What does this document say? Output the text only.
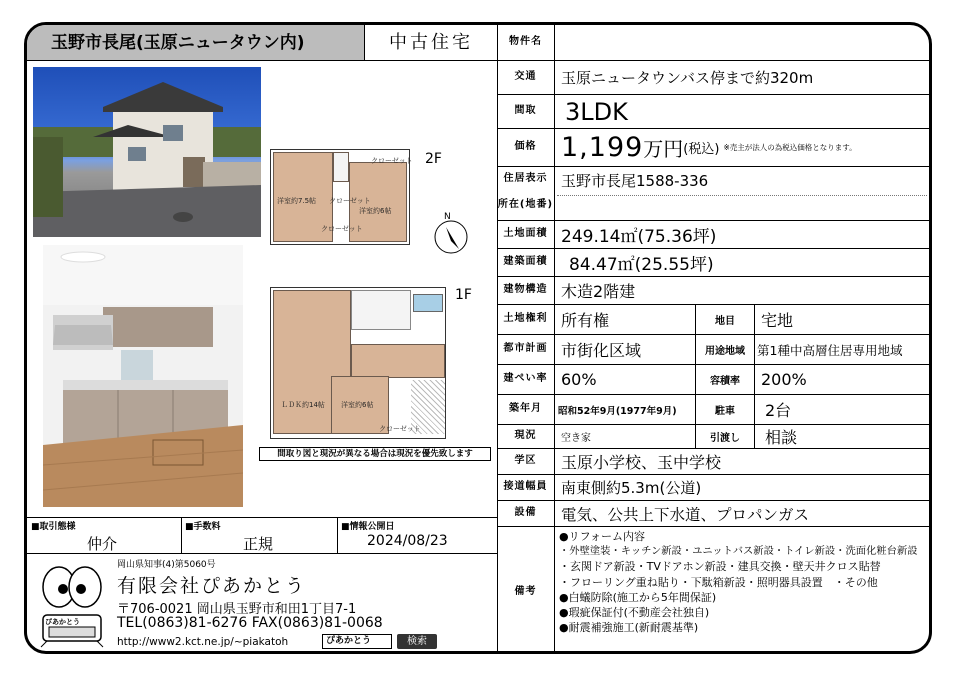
玉野市長尾(玉原ニュータウン内)	中古住宅
クローゼット
洋室約7.5帖 クローゼット
洋室約6帖
クローゼット
2F
N
ＬＤＫ約14帖 洋室約6帖
クローゼット
1F
間取り図と現況が異なる場合は現況を優先致します
物件名
交通	玉原ニュータウンバス停まで約320m
間取	3LDK
価格 1,199 万円 (税込) ※売主が法人の為税込価格となります。
住居表示
所在(地番)
玉野市長尾1588-336
土地面積 249.14㎡(75.36坪)
建築面積	84.47㎡(25.55坪)
建物構造 木造2階建
土地権利 所有権	地目	宅地
都市計画 市街化区域	用途地域 第1種中高層住居専用地域
建ぺい率 60%	容積率	200%
築年月	昭和52年9月(1977年9月)	駐車	2台
現況	空き家	引渡し	相談
学区	玉原小学校、玉中学校
接道幅員 南東側約5.3m(公道)
設備	電気、公共上下水道、プロパンガス
備考
●リフォーム内容
・外壁塗装・キッチン新設・ユニットバス新設・トイレ新設・洗面化粧台新設
・玄関ドア新設・TVドアホン新設・建具交換・壁天井クロス貼替
・フローリング重ね貼り・下駄箱新設・照明器具設置　・その他
●白蟻防除(施工から5年間保証)
●瑕疵保証付(不動産会社独自)
●耐震補強施工(新耐震基準)
■取引態様
仲介
■手数料
正規
■情報公開日
2024/08/23
ぴあかとう
岡山県知事(4)第5060号
有限会社ぴあかとう
〒706-0021 岡山県玉野市和田1丁目7-1
TEL(0863)81-6276 FAX(0863)81-0068
http://www2.kct.ne.jp/~piakatoh	ぴあかとう	検索
